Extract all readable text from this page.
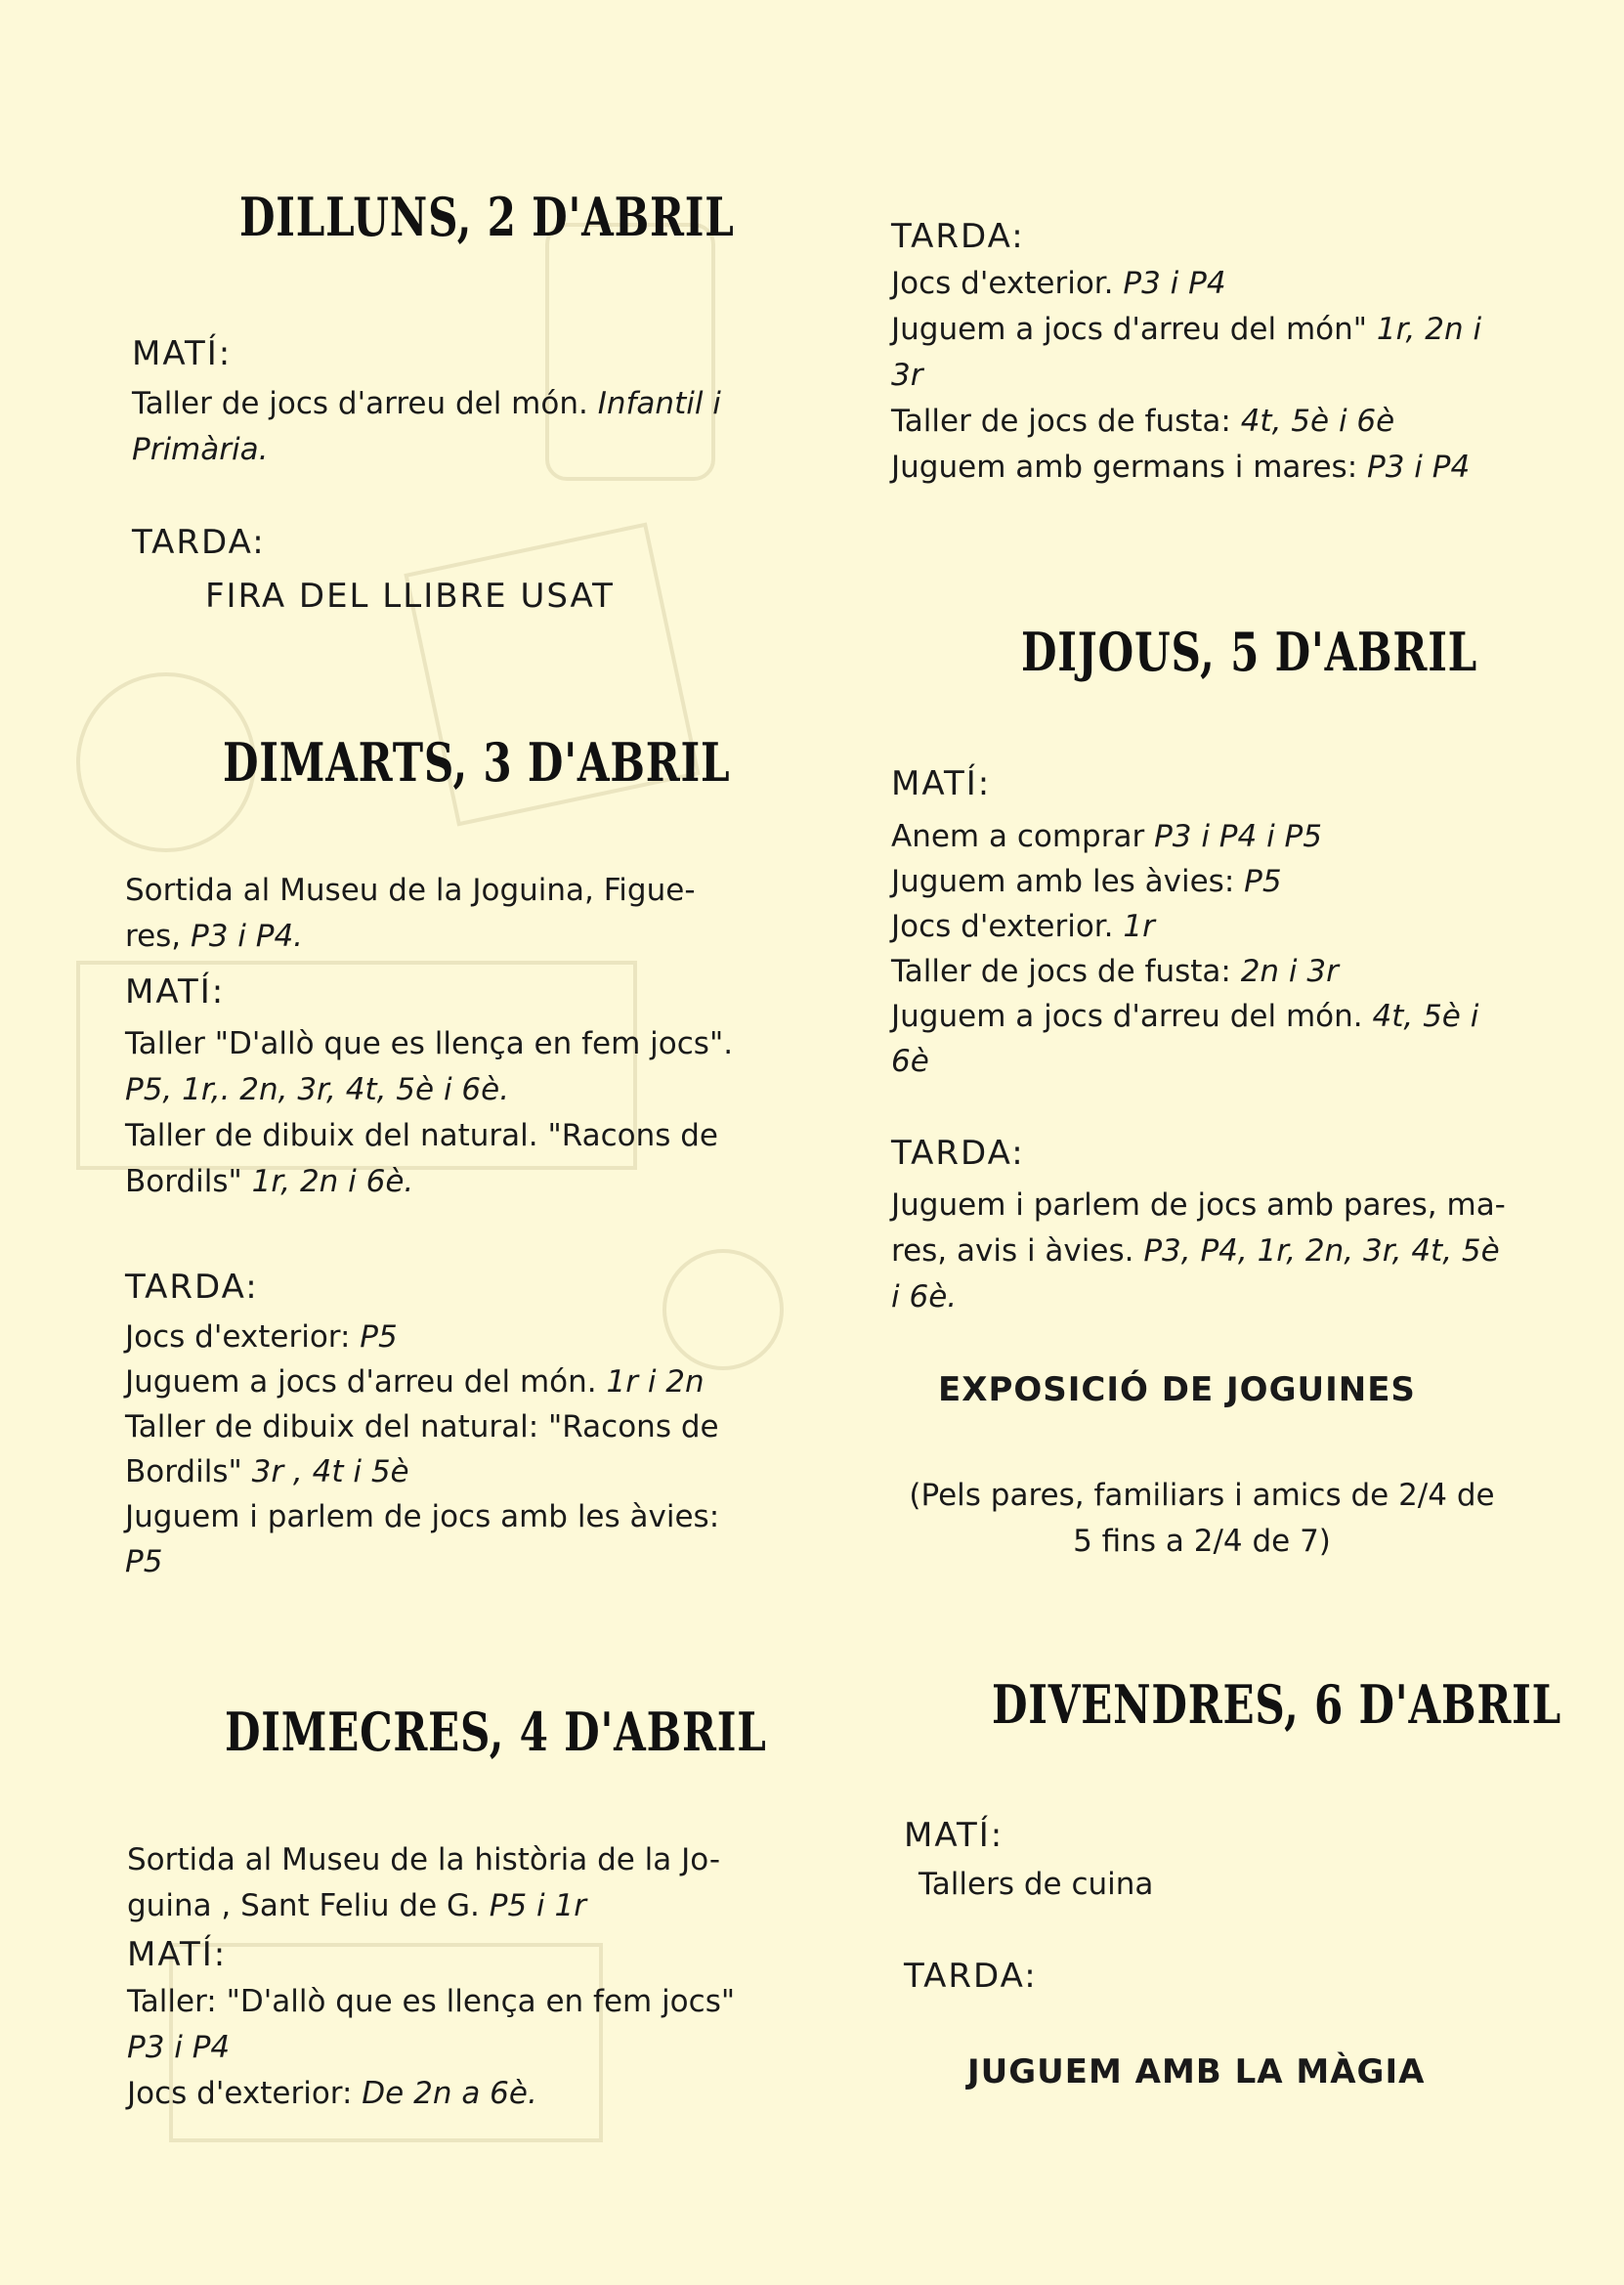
DILLUNS, 2 D'ABRIL
MATÍ:
Taller de jocs d'arreu del món. Infantil i
Primària.
TARDA:
FIRA DEL LLIBRE USAT
DIMARTS, 3 D'ABRIL
Sortida al Museu de la Joguina, Figue-
res, P3 i P4.
MATÍ:
Taller "D'allò que es llença en fem jocs".
P5, 1r,. 2n, 3r, 4t, 5è i 6è.
Taller de dibuix del natural. "Racons de
Bordils" 1r, 2n i 6è.
TARDA:
Jocs d'exterior: P5
Juguem a jocs d'arreu del món. 1r i 2n
Taller de dibuix del natural: "Racons de
Bordils" 3r , 4t i 5è
Juguem i parlem de jocs amb les àvies:
P5
DIMECRES, 4 D'ABRIL
Sortida al Museu de la història de la Jo-
guina , Sant Feliu de G. P5 i 1r
MATÍ:
Taller: "D'allò que es llença en fem jocs"
P3 i P4
Jocs d'exterior: De 2n a 6è.
TARDA:
Jocs d'exterior. P3 i P4
Juguem a jocs d'arreu del món" 1r, 2n i
3r
Taller de jocs de fusta: 4t, 5è i 6è
Juguem amb germans i mares: P3 i P4
DIJOUS, 5 D'ABRIL
MATÍ:
Anem a comprar P3 i P4 i P5
Juguem amb les àvies: P5
Jocs d'exterior. 1r
Taller de jocs de fusta: 2n i 3r
Juguem a jocs d'arreu del món. 4t, 5è i
6è
TARDA:
Juguem i parlem de jocs amb pares, ma-
res, avis i àvies. P3, P4, 1r, 2n, 3r, 4t, 5è
i 6è.
EXPOSICIÓ DE JOGUINES
(Pels pares, familiars i amics de 2/4 de
5 fins a 2/4 de 7)
DIVENDRES, 6 D'ABRIL
MATÍ:
Tallers de cuina
TARDA:
JUGUEM AMB LA MÀGIA
